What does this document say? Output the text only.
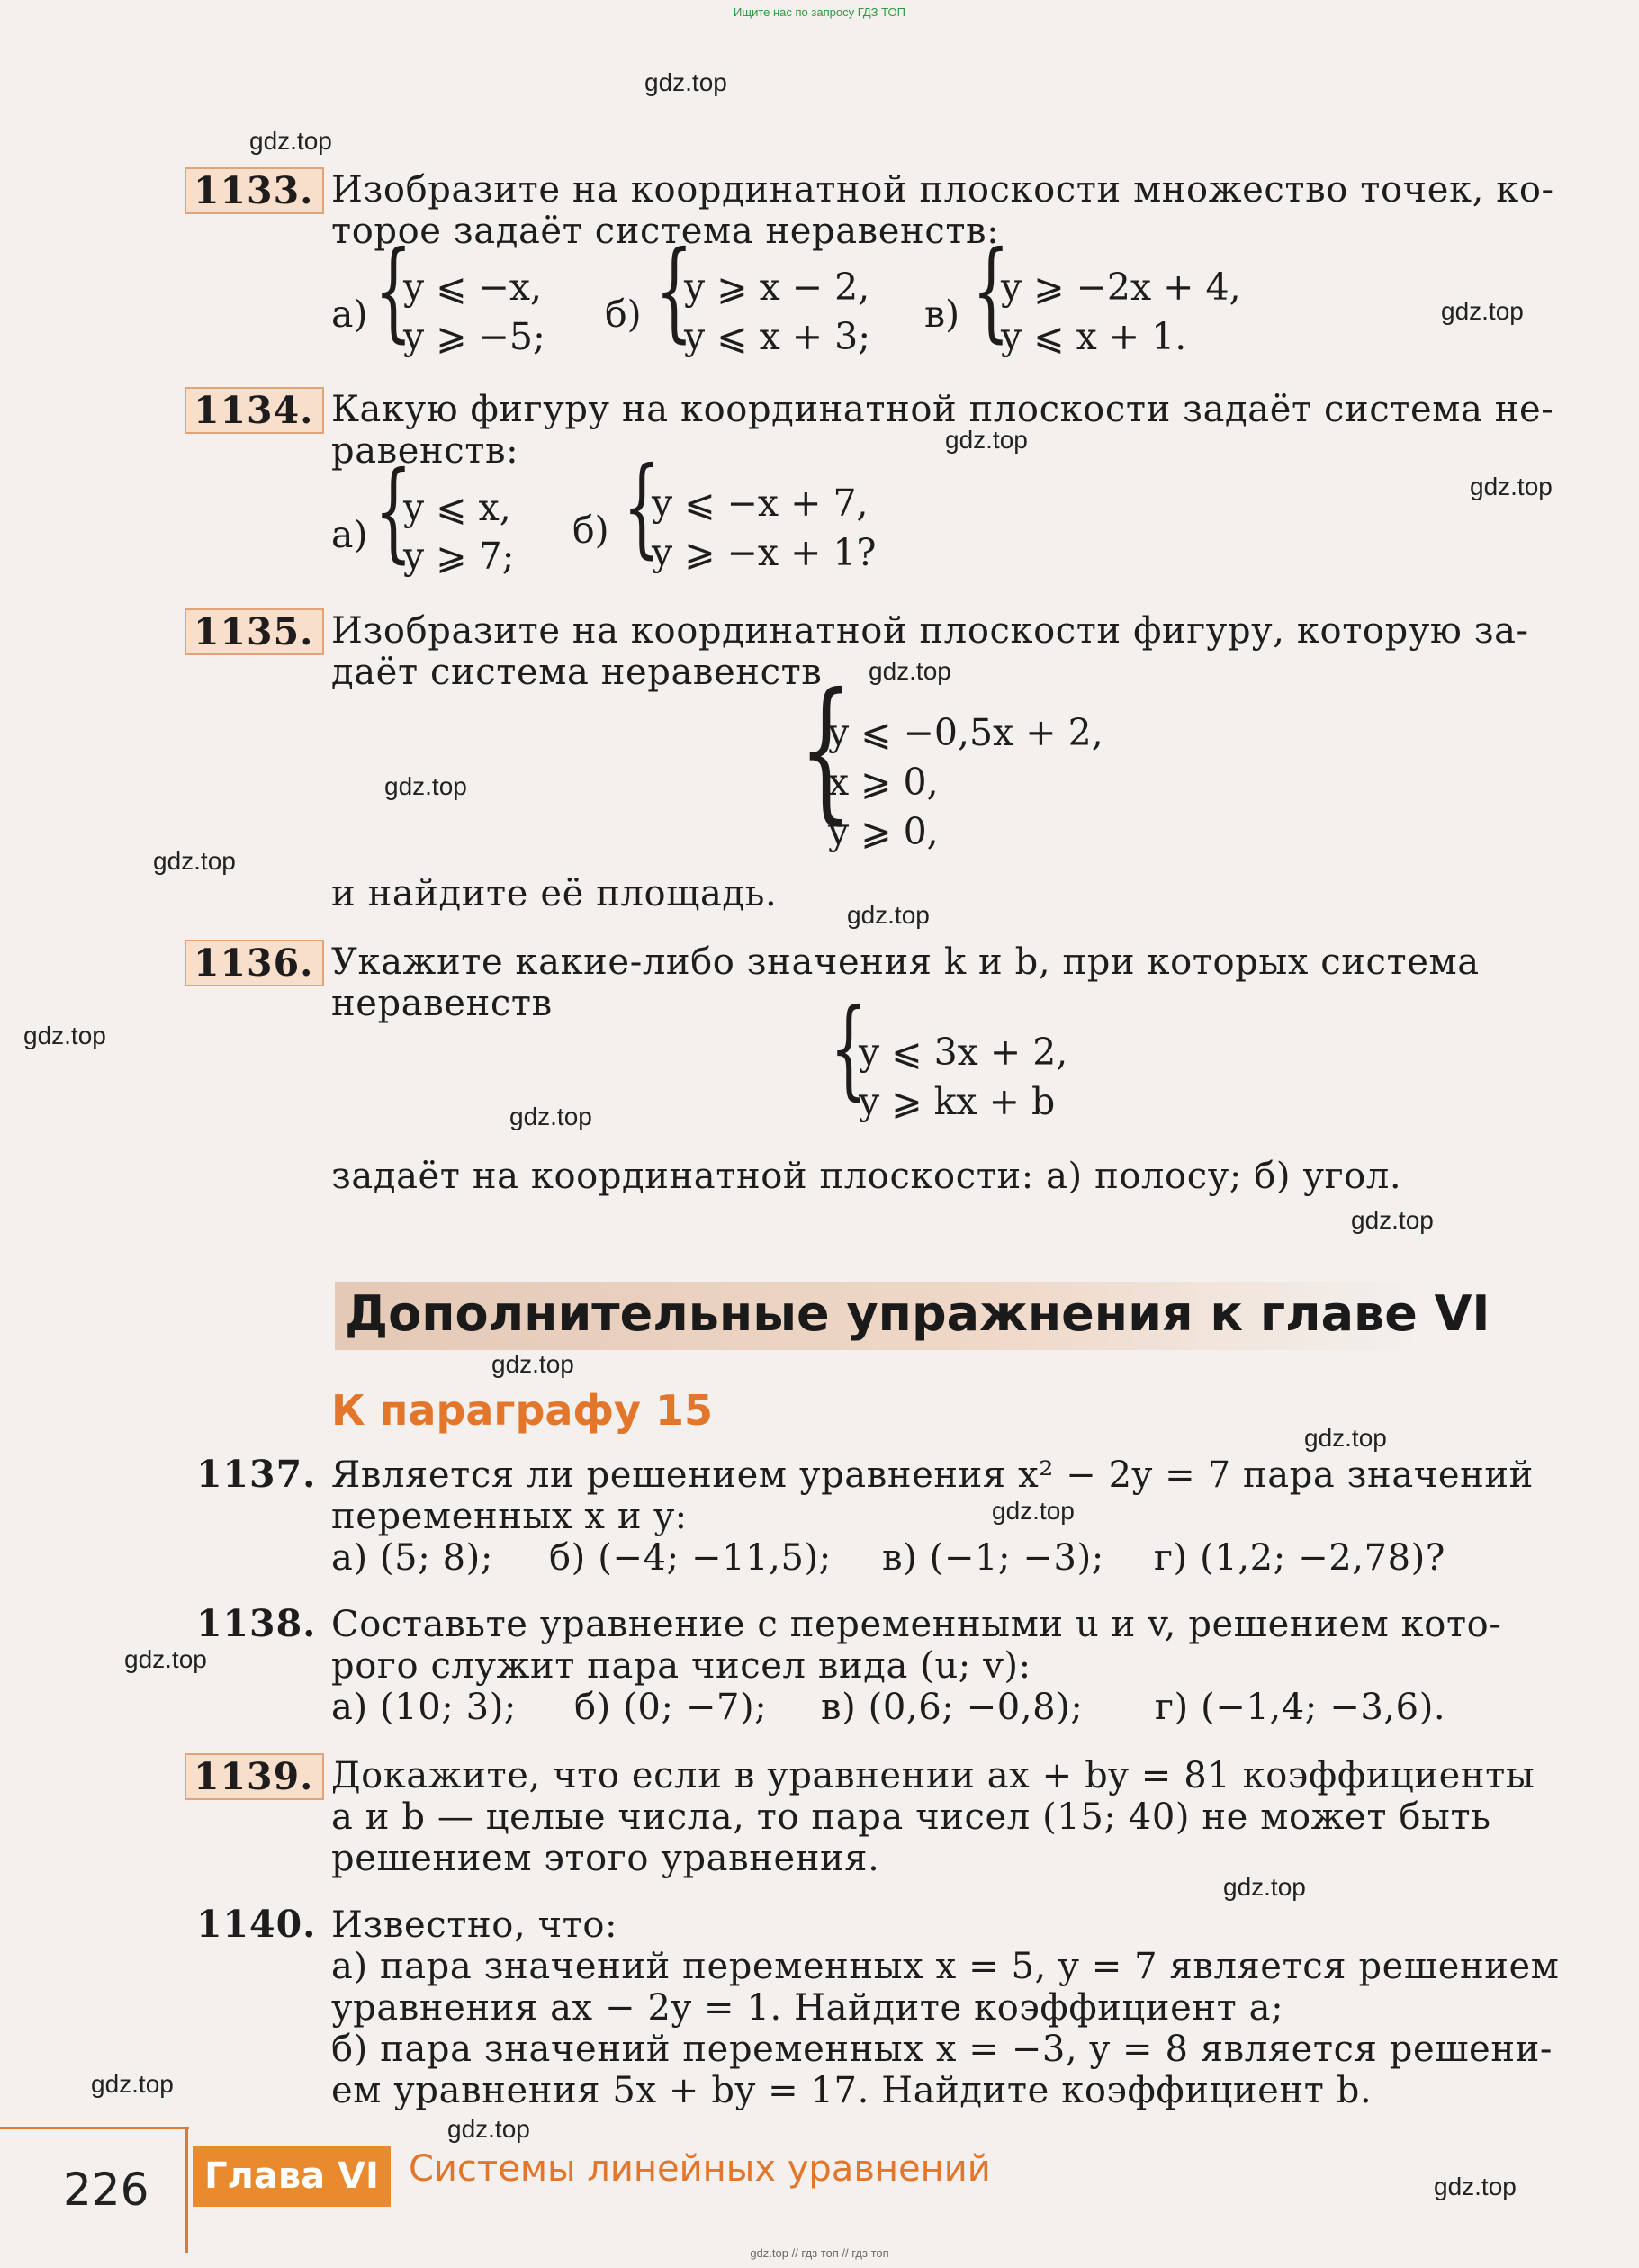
Ищите нас по запросу ГДЗ ТОП
gdz.top // гдз топ // гдз топ
gdz.top
gdz.top
gdz.top
gdz.top
gdz.top
gdz.top
gdz.top
gdz.top
gdz.top
gdz.top
gdz.top
gdz.top
gdz.top
gdz.top
gdz.top
gdz.top
gdz.top
gdz.top
gdz.top
gdz.top
1133. Изобразите на координатной плоскости множество точек, ко-
торое задаёт система неравенств:
а) {
y ⩽ −x,
y ⩾ −5;
б) {
y ⩾ x − 2,
y ⩽ x + 3;
в) {
y ⩾ −2x + 4,
y ⩽ x + 1.
1134. Какую фигуру на координатной плоскости задаёт система не-
равенств:
а) {
y ⩽ x,
y ⩾ 7;
б) {
y ⩽ −x + 7,
y ⩾ −x + 1?
1135. Изобразите на координатной плоскости фигуру, которую за-
даёт система неравенств
{
y ⩽ −0,5x + 2,
x ⩾ 0,
y ⩾ 0,
и найдите её площадь.
1136. Укажите какие-либо значения k и b, при которых система
неравенств	{
y ⩽ 3x + 2,
y ⩾ kx + b
задаёт на координатной плоскости: а) полосу; б) угол.
Дополнительные упражнения к главе VI
К параграфу 15
1137. Является ли решением уравнения x² − 2y = 7 пара значений
переменных x и y:
а) (5; 8); б) (−4; −11,5); в) (−1; −3); г) (1,2; −2,78)?
1138. Составьте уравнение с переменными u и v, решением кото-
рого служит пара чисел вида (u; v):
а) (10; 3); б) (0; −7); в) (0,6; −0,8); г) (−1,4; −3,6).
1139. Докажите, что если в уравнении ax + by = 81 коэффициенты
a и b — целые числа, то пара чисел (15; 40) не может быть
решением этого уравнения.
1140. Известно, что:
а) пара значений переменных x = 5, y = 7 является решением
уравнения ax − 2y = 1. Найдите коэффициент a;
б) пара значений переменных x = −3, y = 8 является решени-
ем уравнения 5x + by = 17. Найдите коэффициент b.
226	Глава VI Системы линейных уравнений
